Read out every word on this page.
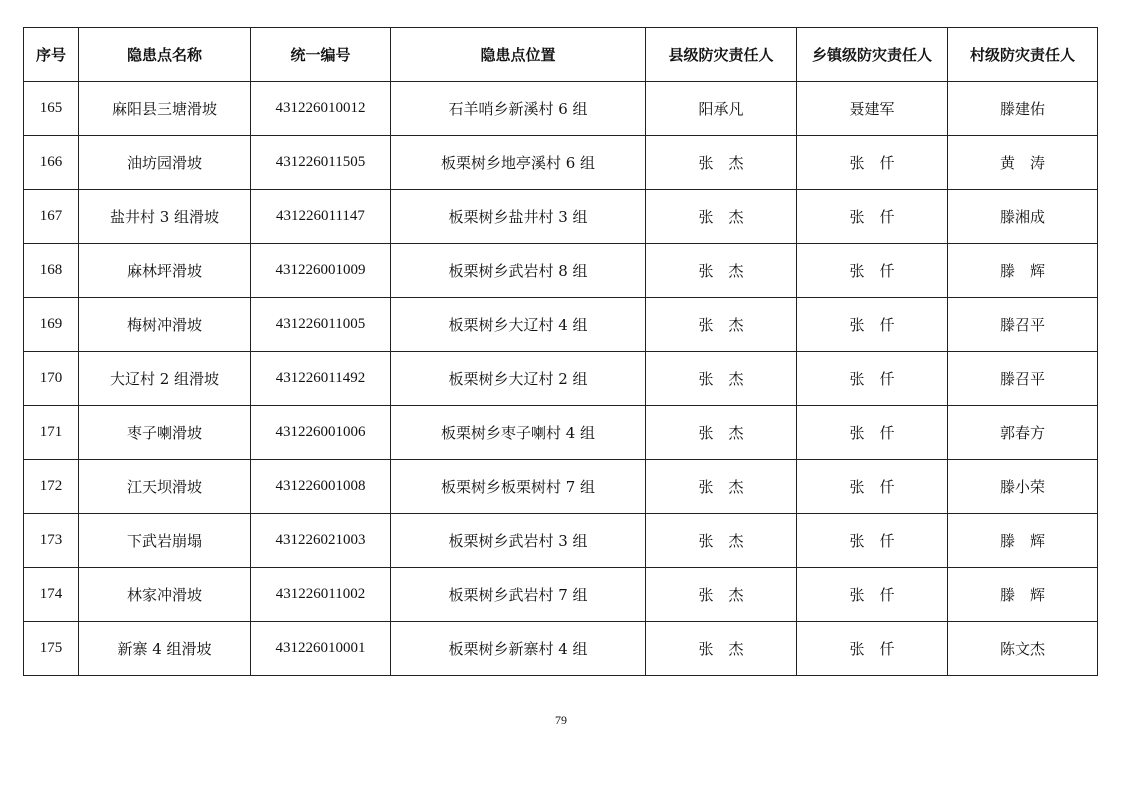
序号	隐患点名称	统一编号	隐患点位置	县级防灾责任人	乡镇级防灾责任人	村级防灾责任人
165	麻阳县三塘滑坡	431226010012	石羊哨乡新溪村 6 组	阳承凡	聂建军	滕建佑
166	油坊园滑坡	431226011505	板栗树乡地亭溪村 6 组	张　杰	张　仟	黄　涛
167	盐井村 3 组滑坡	431226011147	板栗树乡盐井村 3 组	张　杰	张　仟	滕湘成
168	麻林坪滑坡	431226001009	板栗树乡武岩村 8 组	张　杰	张　仟	滕　辉
169	梅树冲滑坡	431226011005	板栗树乡大辽村 4 组	张　杰	张　仟	滕召平
170	大辽村 2 组滑坡	431226011492	板栗树乡大辽村 2 组	张　杰	张　仟	滕召平
171	枣子喇滑坡	431226001006	板栗树乡枣子喇村 4 组	张　杰	张　仟	郭春方
172	江天坝滑坡	431226001008	板栗树乡板栗树村 7 组	张　杰	张　仟	滕小荣
173	下武岩崩塌	431226021003	板栗树乡武岩村 3 组	张　杰	张　仟	滕　辉
174	林家冲滑坡	431226011002	板栗树乡武岩村 7 组	张　杰	张　仟	滕　辉
175	新寨 4 组滑坡	431226010001	板栗树乡新寨村 4 组	张　杰	张　仟	陈文杰
79
